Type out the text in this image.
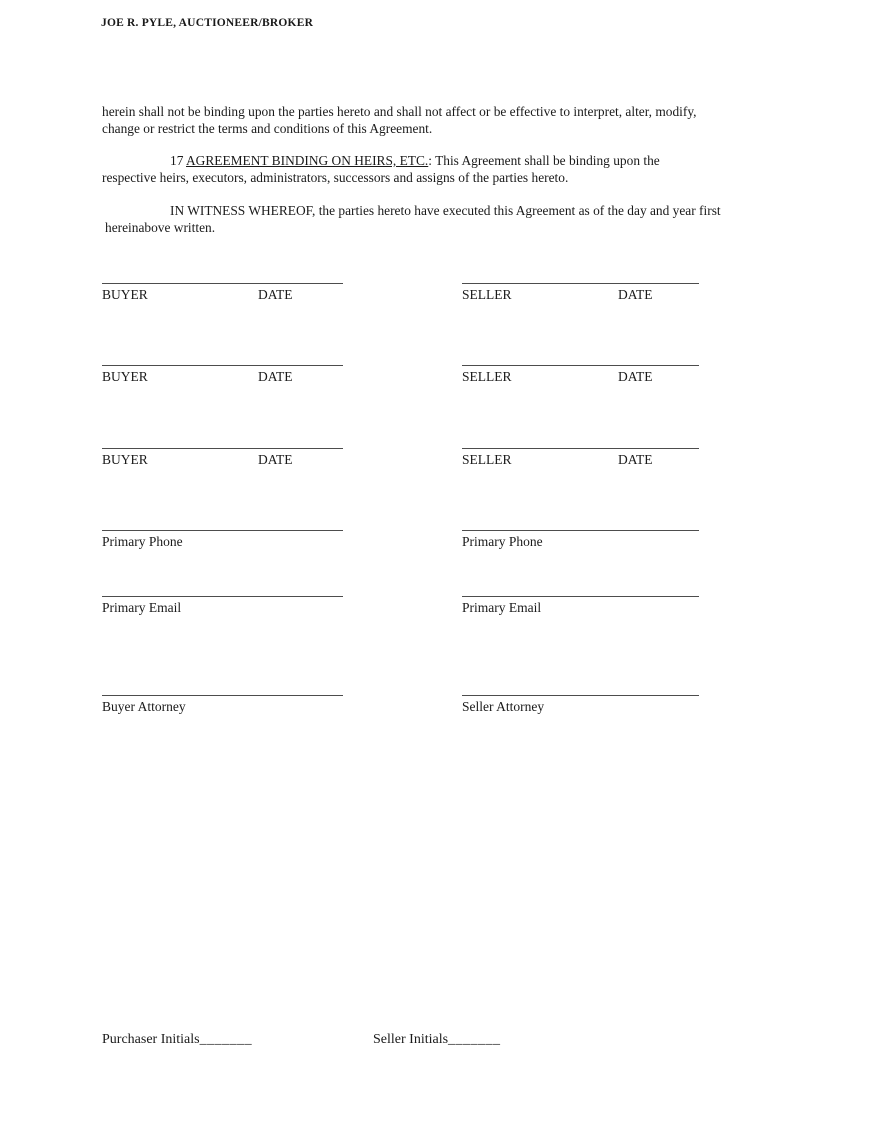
JOE R. PYLE, AUCTIONEER/BROKER
herein shall not be binding upon the parties hereto and shall not affect or be effective to interpret, alter, modify,
change or restrict the terms and conditions of this Agreement.
17 AGREEMENT BINDING ON HEIRS, ETC.: This Agreement shall be binding upon the
respective heirs, executors, administrators, successors and assigns of the parties hereto.
IN WITNESS WHEREOF, the parties hereto have executed this Agreement as of the day and year first
hereinabove written.
BUYER	DATE	SELLER	DATE
BUYER	DATE	SELLER	DATE
BUYER	DATE	SELLER	DATE
Primary Phone	Primary Phone
Primary Email	Primary Email
Buyer Attorney	Seller Attorney
Purchaser Initials_______	Seller Initials_______
